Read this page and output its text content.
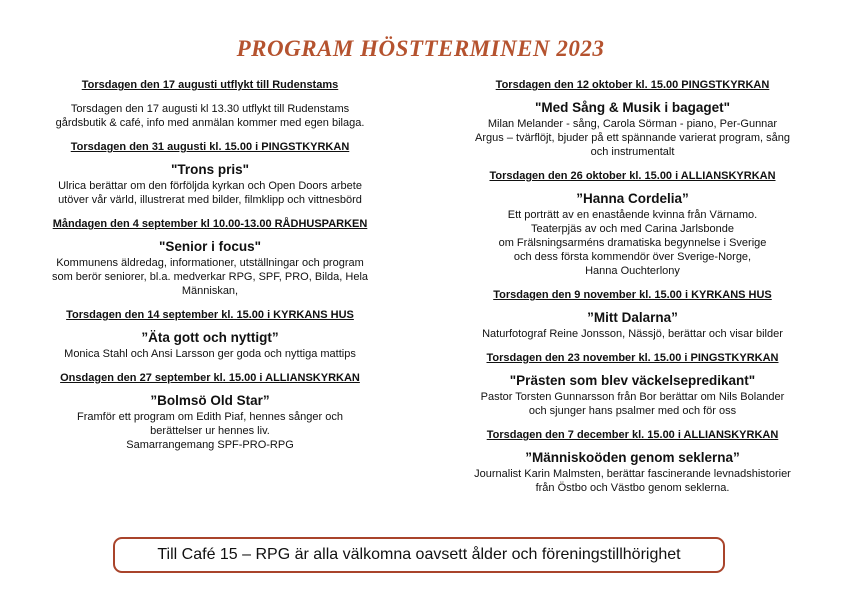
PROGRAM HÖSTTERMINEN 2023
Torsdagen den 17 augusti utflykt till Rudenstams
Torsdagen den 17 augusti kl 13.30 utflykt till Rudenstams
gårdsbutik & café, info med anmälan kommer med egen bilaga.
Torsdagen den 31 augusti kl. 15.00 i PINGSTKYRKAN
"Trons pris"
Ulrica berättar om den förföljda kyrkan och Open Doors arbete
utöver vår värld, illustrerat med bilder, filmklipp och vittnesbörd
Måndagen den 4 september kl 10.00-13.00 RÅDHUSPARKEN
"Senior i focus"
Kommunens äldredag, informationer, utställningar och program
som berör seniorer, bl.a. medverkar RPG, SPF, PRO, Bilda, Hela
Människan,
Torsdagen den 14 september kl. 15.00 i KYRKANS HUS
”Äta gott och nyttigt”
Monica Stahl och Ansi Larsson ger goda och nyttiga mattips
Onsdagen den 27 september kl. 15.00 i ALLIANSKYRKAN
”Bolmsö Old Star”
Framför ett program om Edith Piaf, hennes sånger och
berättelser ur hennes liv.
Samarrangemang SPF-PRO-RPG
Torsdagen den 12 oktober kl. 15.00 PINGSTKYRKAN
"Med Sång & Musik i bagaget"
Milan Melander - sång, Carola Sörman - piano, Per-Gunnar
Argus – tvärflöjt, bjuder på ett spännande varierat program, sång
och instrumentalt
Torsdagen den 26 oktober kl. 15.00 i ALLIANSKYRKAN
”Hanna Cordelia”
Ett porträtt av en enastående kvinna från Värnamo.
Teaterpjäs av och med Carina Jarlsbonde
om Frälsningsarméns dramatiska begynnelse i Sverige
och dess första kommendör över Sverige-Norge,
Hanna Ouchterlony
Torsdagen den 9 november kl. 15.00 i KYRKANS HUS
”Mitt Dalarna”
Naturfotograf Reine Jonsson, Nässjö, berättar och visar bilder
Torsdagen den 23 november kl. 15.00 i PINGSTKYRKAN
"Prästen som blev väckelsepredikant"
Pastor Torsten Gunnarsson från Bor berättar om Nils Bolander
och sjunger hans psalmer med och för oss
Torsdagen den 7 december kl. 15.00 i ALLIANSKYRKAN
”Människoöden genom seklerna”
Journalist Karin Malmsten, berättar fascinerande levnadshistorier
från Östbo och Västbo genom seklerna.
Till Café 15 – RPG är alla välkomna oavsett ålder och föreningstillhörighet
